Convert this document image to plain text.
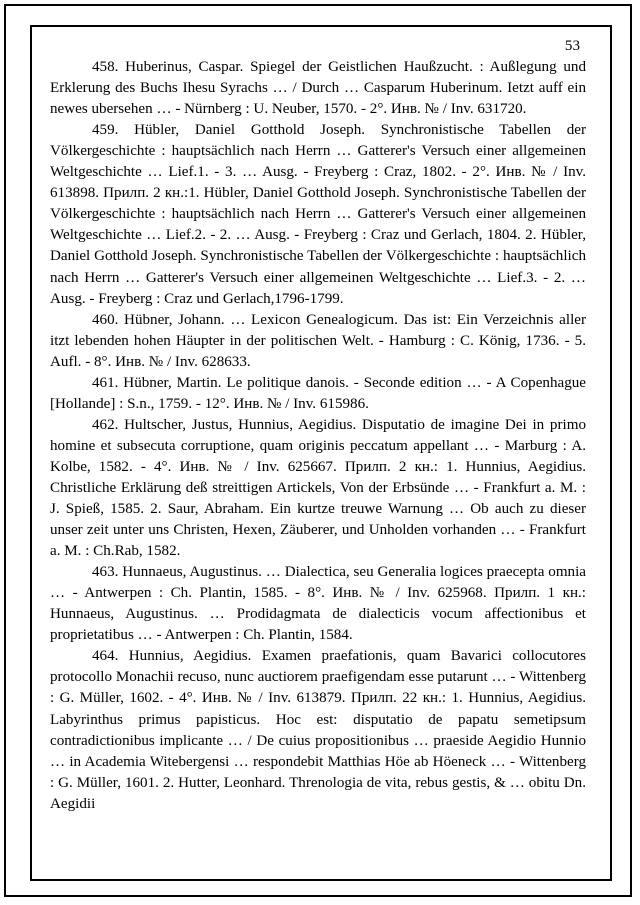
53

458. Huberinus, Caspar. Spiegel der Geistlichen Haußzucht. : Außlegung und Erklerung des Buchs Ihesu Syrachs … / Durch … Casparum Huberinum. Ietzt auff ein newes ubersehen … - Nürnberg : U. Neuber, 1570. - 2°. Инв. № / Inv. 631720.

459. Hübler, Daniel Gotthold Joseph. Synchronistische Tabellen der Völkergeschichte : hauptsächlich nach Herrn … Gatterer's Versuch einer allgemeinen Weltgeschichte … Lief.1. - 3. … Ausg. - Freyberg : Craz, 1802. - 2°. Инв. № / Inv. 613898. Прилп. 2 кн.:1. Hübler, Daniel Gotthold Joseph. Synchronistische Tabellen der Völkergeschichte : hauptsächlich nach Herrn … Gatterer's Versuch einer allgemeinen Weltgeschichte … Lief.2. - 2. … Ausg. - Freyberg : Craz und Gerlach, 1804. 2. Hübler, Daniel Gotthold Joseph. Synchronistische Tabellen der Völkergeschichte : hauptsächlich nach Herrn … Gatterer's Versuch einer allgemeinen Weltgeschichte … Lief.3. - 2. … Ausg. - Freyberg : Craz und Gerlach,1796-1799.

460. Hübner, Johann. … Lexicon Genealogicum. Das ist: Ein Verzeichnis aller itzt lebenden hohen Häupter in der politischen Welt. - Hamburg : C. König, 1736. - 5. Aufl. - 8°. Инв. № / Inv. 628633.

461. Hübner, Martin. Le politique danois. - Seconde edition … - A Copenhague [Hollande] : S.n., 1759. - 12°. Инв. № / Inv. 615986.

462. Hultscher, Justus, Hunnius, Aegidius. Disputatio de imagine Dei in primo homine et subsecuta corruptione, quam originis peccatum appellant … - Marburg : A. Kolbe, 1582. - 4°. Инв. № / Inv. 625667. Прилп. 2 кн.: 1. Hunnius, Aegidius. Christliche Erklärung deß streittigen Artickels, Von der Erbsünde … - Frankfurt a. M. : J. Spieß, 1585. 2. Saur, Abraham. Ein kurtze treuwe Warnung … Ob auch zu dieser unser zeit unter uns Christen, Hexen, Zäuberer, und Unholden vorhanden … - Frankfurt a. M. : Ch.Rab, 1582.

463. Hunnaeus, Augustinus. … Dialectica, seu Generalia logices praecepta omnia … - Antwerpen : Ch. Plantin, 1585. - 8°. Инв. № / Inv. 625968. Прилп. 1 кн.: Hunnaeus, Augustinus. … Prodidagmata de dialecticis vocum affectionibus et proprietatibus … - Antwerpen : Ch. Plantin, 1584.

464. Hunnius, Aegidius. Examen praefationis, quam Bavarici collocutores protocollo Monachii recuso, nunc auctiorem praefigendam esse putarunt … - Wittenberg : G. Müller, 1602. - 4°. Инв. № / Inv. 613879. Прилп. 22 кн.: 1. Hunnius, Aegidius. Labyrinthus primus papisticus. Hoc est: disputatio de papatu semetipsum contradictionibus implicante … / De cuius propositionibus … praeside Aegidio Hunnio … in Academia Witebergensi … respondebit Matthias Höe ab Höeneck … - Wittenberg : G. Müller, 1601. 2. Hutter, Leonhard. Threnologia de vita, rebus gestis, & … obitu Dn. Aegidii
